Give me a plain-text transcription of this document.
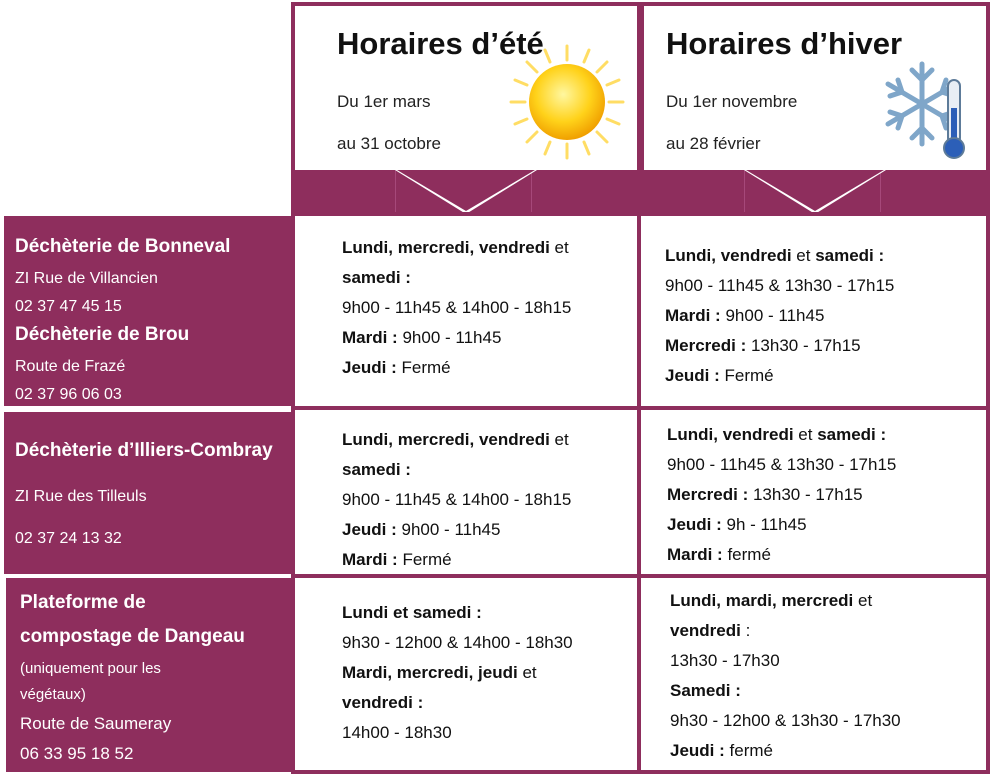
Horaires d’été
Du 1er mars
au 31 octobre
Horaires d’hiver
Du 1er novembre
au 28 février
Déchèterie de Bonneval
ZI Rue de Villancien
02 37 47 45 15
Déchèterie de Brou
Route de Frazé
02 37 96 06 03
Lundi, mercredi, vendredi et
samedi :
9h00 - 11h45 & 14h00 - 18h15
Mardi : 9h00 - 11h45
Jeudi : Fermé
Lundi, vendredi et samedi :
9h00 - 11h45 & 13h30 - 17h15
Mardi : 9h00 - 11h45
Mercredi : 13h30 - 17h15
Jeudi : Fermé
Déchèterie d’Illiers-Combray
ZI Rue des Tilleuls
02 37 24 13 32
Lundi, mercredi, vendredi et
samedi :
9h00 - 11h45 & 14h00 - 18h15
Jeudi : 9h00 - 11h45
Mardi : Fermé
Lundi, vendredi et samedi :
9h00 - 11h45 & 13h30 - 17h15
Mercredi : 13h30 - 17h15
Jeudi : 9h - 11h45
Mardi : fermé
Plateforme de
compostage de Dangeau
(uniquement pour les
végétaux)
Route de Saumeray
06 33 95 18 52
Lundi et samedi :
9h30 - 12h00 & 14h00 - 18h30
Mardi, mercredi, jeudi et
vendredi :
14h00 - 18h30
Lundi, mardi, mercredi et
vendredi :
13h30 - 17h30
Samedi :
9h30 - 12h00 & 13h30 - 17h30
Jeudi : fermé
